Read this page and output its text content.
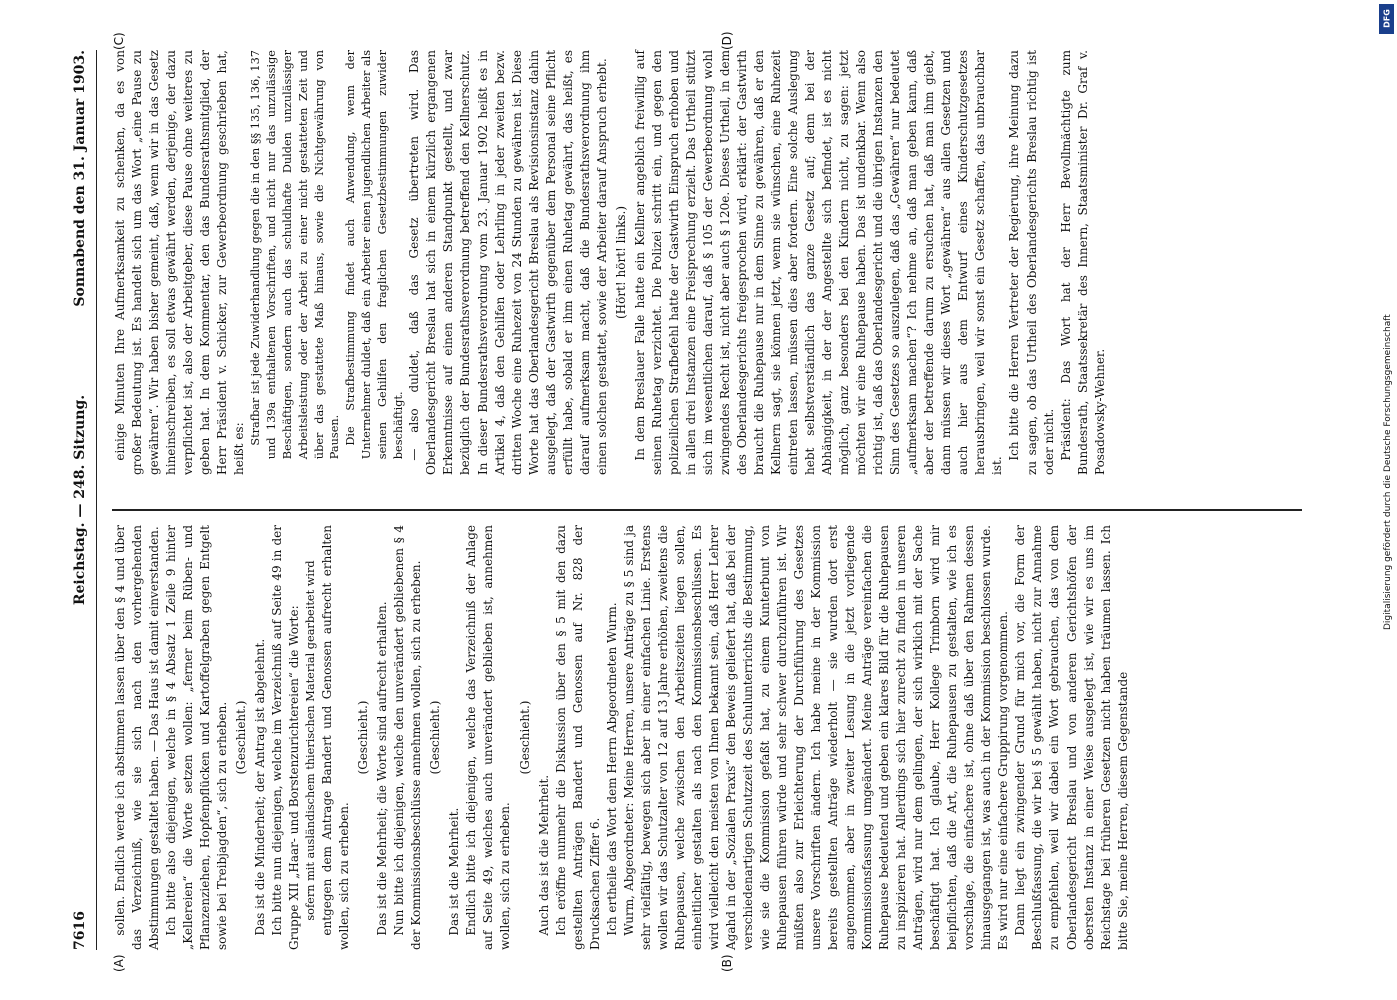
7616
Reichstag. — 248. Sitzung.
Sonnabend den 31. Januar 1903.
(A)	(B)
(C)	(D)

sollen. Endlich werde ich abstimmen lassen über den § 4 und über das Verzeichniß, wie sie sich nach den vorhergehenden Abstimmungen gestaltet haben. — Das Haus ist damit einverstanden. Ich bitte also diejenigen, welche in § 4 Absatz 1 Zeile 9 hinter „Kellereien“ die Worte setzen wollen: „ferner beim Rüben- und Pflanzenziehen, Hopfenpflücken und Kartoffelgraben gegen Entgelt sowie bei Treibjagden“, sich zu erheben. (Geschieht.) Das ist die Minderheit; der Antrag ist abgelehnt. Ich bitte nun diejenigen, welche im Verzeichniß auf Seite 49 in der Gruppe XII „Haar- und Borstenzurichtereien“ die Worte: sofern mit ausländischem thierischen Material gearbeitet wird entgegen dem Antrage Bandert und Genossen aufrecht erhalten wollen, sich zu erheben.

(Geschieht.) Das ist die Mehrheit; die Worte sind aufrecht erhalten. Nun bitte ich diejenigen, welche den unverändert gebliebenen § 4 der Kommissionsbeschlüsse annehmen wollen, sich zu erheben. (Geschieht.)

Das ist die Mehrheit. Endlich bitte ich diejenigen, welche das Verzeichniß der Anlage auf Seite 49, welches auch unverändert geblieben ist, annehmen wollen, sich zu erheben.

(Geschieht.)

Auch das ist die Mehrheit. Ich eröffne nunmehr die Diskussion über den § 5 mit den dazu gestellten Anträgen Bandert und Genossen auf Nr. 828 der Drucksachen Ziffer 6. Ich ertheile das Wort dem Herrn Abgeordneten Wurm. Wurm, Abgeordneter: Meine Herren, unsere Anträge zu § 5 sind ja sehr vielfältig, bewegen sich aber in einer einfachen Linie. Erstens wollen wir das Schutzalter von 12 auf 13 Jahre erhöhen, zweitens die Ruhepausen, welche zwischen den Arbeitszeiten liegen sollen, einheitlicher gestalten als nach den Kommissionsbeschlüssen. Es wird vielleicht den meisten von Ihnen bekannt sein, daß Herr Lehrer Agahd in der „Sozialen Praxis“ den Beweis geliefert hat, daß bei der verschiedenartigen Schutzzeit des Schulunterrichts die Bestimmung, wie sie die Kommission gefaßt hat, zu einem Kunterbunt von Ruhepausen führen würde und sehr schwer durchzuführen ist. Wir müßten also zur Erleichterung der Durchführung des Gesetzes unsere Vorschriften ändern. Ich habe meine in der Kommission bereits gestellten Anträge wiederholt — sie wurden dort erst angenommen, aber in zweiter Lesung in die jetzt vorliegende Kommissionsfassung umgeändert. Meine Anträge vereinfachen die Ruhepause bedeutend und geben ein klares Bild für die Ruhepausen zu inspizieren hat. Allerdings sich hier zurecht zu finden in unseren Anträgen, wird nur dem gelingen, der sich wirklich mit der Sache beschäftigt hat. Ich glaube, Herr Kollege Trimborn wird mir beipflichten, daß die Art, die Ruhepausen zu gestalten, wie ich es vorschlage, die einfachere ist, ohne daß über den Rahmen dessen hinausgegangen ist, was auch in der Kommission beschlossen wurde. Es wird nur eine einfachere Gruppirung vorgenommen. Dann liegt ein zwingender Grund für mich vor, die Form der Beschlußfassung, die wir bei § 5 gewählt haben, nicht zur Annahme zu empfehlen, weil wir dabei ein Wort gebrauchen, das von dem Oberlandesgericht Breslau und von anderen Gerichtshöfen der obersten Instanz in einer Weise ausgelegt ist, wie wir es uns im Reichstage bei früheren Gesetzen nicht haben träumen lassen. Ich bitte Sie, meine Herren, diesem Gegenstande

einige Minuten Ihre Aufmerksamkeit zu schenken, da es von großer Bedeutung ist. Es handelt sich um das Wort „eine Pause zu gewähren“. Wir haben bisher gemeint, daß, wenn wir in das Gesetz hineinschreiben, es soll etwas gewährt werden, derjenige, der dazu verpflichtet ist, also der Arbeitgeber, diese Pause ohne weiteres zu geben hat. In dem Kommentar, den das Bundesrathsmitglied, der Herr Präsident v. Schicker, zur Gewerbeordnung geschrieben hat, heißt es:

Strafbar ist jede Zuwiderhandlung gegen die in den §§ 135, 136, 137 und 139a enthaltenen Vorschriften, und nicht nur das unzulässige Beschäftigen, sondern auch das schuldhafte Dulden unzulässiger Arbeitsleistung oder der Arbeit zu einer nicht gestatteten Zeit und über das gestattete Maß hinaus, sowie die Nichtgewährung von Pausen. Die Strafbestimmung findet auch Anwendung, wenn der Unternehmer duldet, daß ein Arbeiter einen jugendlichen Arbeiter als seinen Gehilfen den fraglichen Gesetzbestimmungen zuwider beschäftigt. — also duldet, daß das Gesetz übertreten wird. Das Oberlandesgericht Breslau hat sich in einem kürzlich ergangenen Erkenntnisse auf einen anderen Standpunkt gestellt, und zwar bezüglich der Bundesrathsverordnung betreffend den Kellnerschutz. In dieser Bundesrathsverordnung vom 23. Januar 1902 heißt es in Artikel 4, daß den Gehilfen oder Lehrling in jeder zweiten bezw. dritten Woche eine Ruhezeit von 24 Stunden zu gewähren ist. Diese Worte hat das Oberlandesgericht Breslau als Revisionsinstanz dahin ausgelegt, daß der Gastwirth gegenüber dem Personal seine Pflicht erfüllt habe, sobald er ihm einen Ruhetag gewährt, das heißt, es darauf aufmerksam macht, daß die Bundesrathsverordnung ihm einen solchen gestattet, sowie der Arbeiter darauf Anspruch erhebt. (Hört! hört! links.) In dem Breslauer Falle hatte ein Kellner angeblich freiwillig auf seinen Ruhetag verzichtet. Die Polizei schritt ein, und gegen den polizeilichen Strafbefehl hatte der Gastwirth Einspruch erhoben und in allen drei Instanzen eine Freisprechung erzielt. Das Urtheil stützt sich im wesentlichen darauf, daß § 105 der Gewerbeordnung wohl zwingendes Recht ist, nicht aber auch § 120e. Dieses Urtheil, in dem des Oberlandesgerichts freigesprochen wird, erklärt: der Gastwirth braucht die Ruhepause nur in dem Sinne zu gewähren, daß er den Kellnern sagt, sie können jetzt, wenn sie wünschen, eine Ruhezeit eintreten lassen, müssen dies aber fordern. Eine solche Auslegung hebt selbstverständlich das ganze Gesetz auf; denn bei der Abhängigkeit, in der der Angestellte sich befindet, ist es nicht möglich, ganz besonders bei den Kindern nicht, zu sagen: jetzt möchten wir eine Ruhepause haben. Das ist undenkbar. Wenn also richtig ist, daß das Oberlandesgericht und die übrigen Instanzen den Sinn des Gesetzes so auszulegen, daß das „Gewähren“ nur bedeutet „aufmerksam machen“? Ich nehme an, daß man geben kann, daß aber der betreffende darum zu ersuchen hat, daß man ihm giebt, dann müssen wir dieses Wort „gewähren“ aus allen Gesetzen und auch hier aus dem Entwurf eines Kinderschutzgesetzes herausbringen, weil wir sonst ein Gesetz schaffen, das unbrauchbar ist.

Ich bitte die Herren Vertreter der Regierung, ihre Meinung dazu zu sagen, ob das Urtheil des Oberlandesgerichts Breslau richtig ist oder nicht. Präsident: Das Wort hat der Herr Bevollmächtigte zum Bundesrath, Staatssekretär des Innern, Staatsminister Dr. Graf v. Posadowsky-Wehner.	Digitalisierung gefördert durch die Deutsche Forschungsgemeinschaft
DFG
